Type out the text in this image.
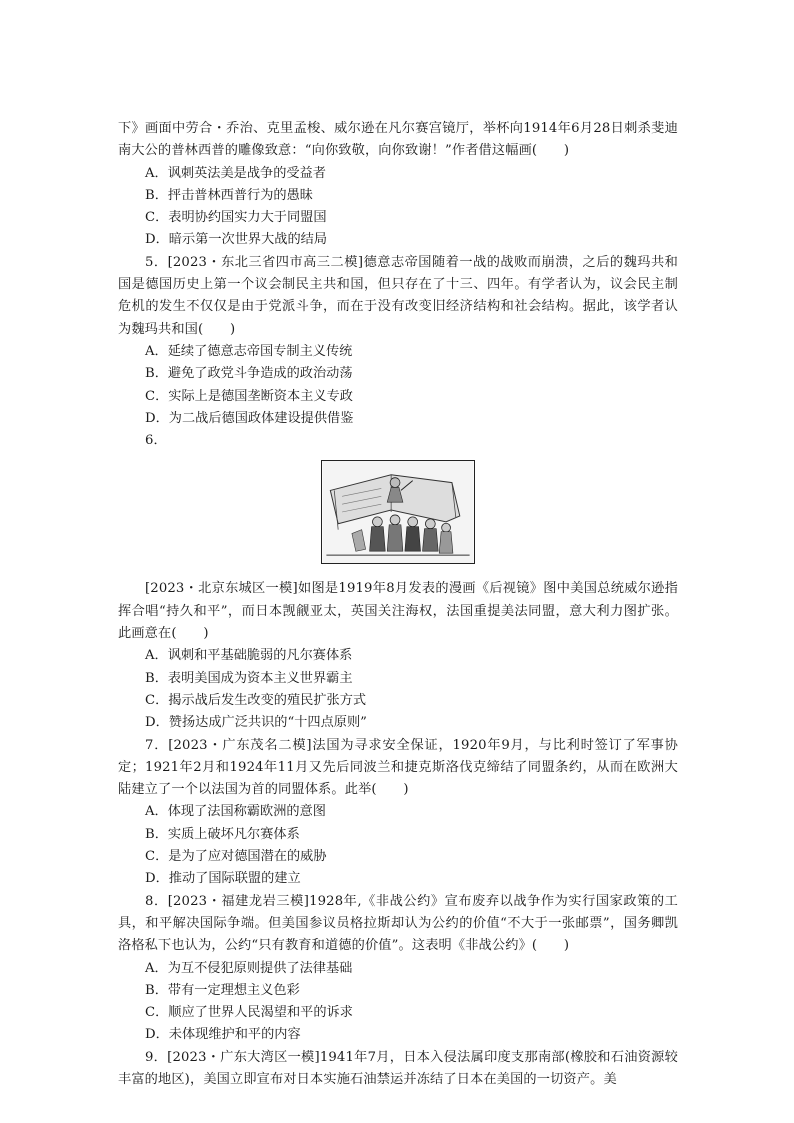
下》画面中劳合・乔治、克里孟梭、威尔逊在凡尔赛宫镜厅，举杯向1914年6月28日刺杀斐迪南大公的普林西普的雕像致意：“向你致敬，向你致谢！”作者借这幅画(　　)

A．讽刺英法美是战争的受益者

B．抨击普林西普行为的愚昧

C．表明协约国实力大于同盟国

D．暗示第一次世界大战的结局

5．[2023・东北三省四市高三二模]德意志帝国随着一战的战败而崩溃，之后的魏玛共和国是德国历史上第一个议会制民主共和国，但只存在了十三、四年。有学者认为，议会民主制危机的发生不仅仅是由于党派斗争，而在于没有改变旧经济结构和社会结构。据此，该学者认为魏玛共和国(　　)

A．延续了德意志帝国专制主义传统

B．避免了政党斗争造成的政治动荡

C．实际上是德国垄断资本主义专政

D．为二战后德国政体建设提供借鉴

6．

[2023・北京东城区一模]如图是1919年8月发表的漫画《后视镜》图中美国总统威尔逊指挥合唱“持久和平”，而日本觊觎亚太，英国关注海权，法国重提美法同盟，意大利力图扩张。此画意在(　　)

A．讽刺和平基础脆弱的凡尔赛体系

B．表明美国成为资本主义世界霸主

C．揭示战后发生改变的殖民扩张方式

D．赞扬达成广泛共识的“十四点原则”

7．[2023・广东茂名二模]法国为寻求安全保证，1920年9月，与比利时签订了军事协定；1921年2月和1924年11月又先后同波兰和捷克斯洛伐克缔结了同盟条约，从而在欧洲大陆建立了一个以法国为首的同盟体系。此举(　　)

A．体现了法国称霸欧洲的意图

B．实质上破坏凡尔赛体系

C．是为了应对德国潜在的威胁

D．推动了国际联盟的建立

8．[2023・福建龙岩三模]1928年,《非战公约》宣布废弃以战争作为实行国家政策的工具，和平解决国际争端。但美国参议员格拉斯却认为公约的价值“不大于一张邮票”，国务卿凯洛格私下也认为，公约“只有教育和道德的价值”。这表明《非战公约》(　　)

A．为互不侵犯原则提供了法律基础

B．带有一定理想主义色彩

C．顺应了世界人民渴望和平的诉求

D．未体现维护和平的内容

9．[2023・广东大湾区一模]1941年7月，日本入侵法属印度支那南部(橡胶和石油资源较丰富的地区)，美国立即宣布对日本实施石油禁运并冻结了日本在美国的一切资产。美
